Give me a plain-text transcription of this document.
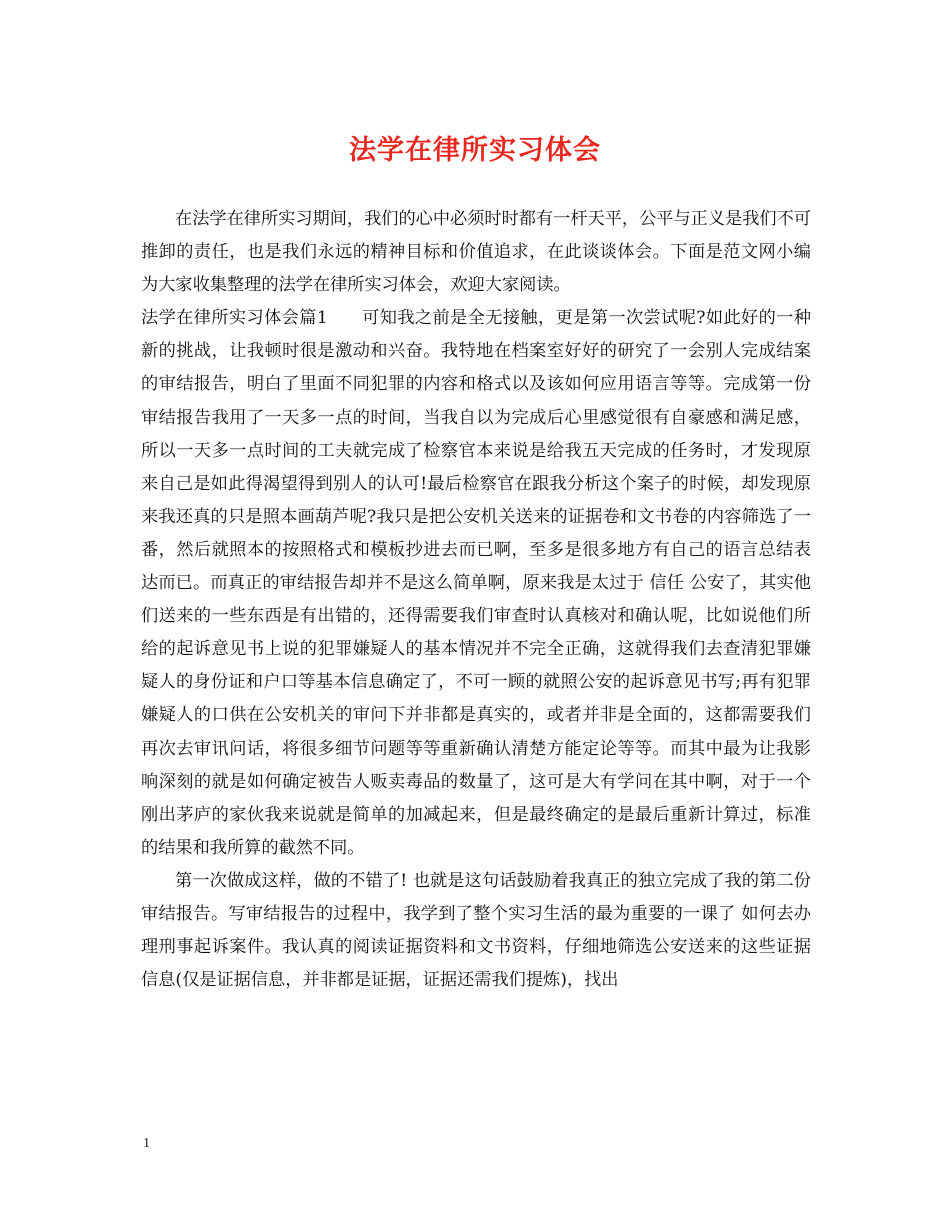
法学在律所实习体会

在法学在律所实习期间，我们的心中必须时时都有一杆天平，公平与正义是我们不可推卸的责任，也是我们永远的精神目标和价值追求，在此谈谈体会。下面是范文网小编为大家收集整理的法学在律所实习体会，欢迎大家阅读。

法学在律所实习体会篇1 可知我之前是全无接触，更是第一次尝试呢?如此好的一种新的挑战，让我顿时很是激动和兴奋。我特地在档案室好好的研究了一会别人完成结案的审结报告，明白了里面不同犯罪的内容和格式以及该如何应用语言等等。完成第一份审结报告我用了一天多一点的时间，当我自以为完成后心里感觉很有自豪感和满足感，所以一天多一点时间的工夫就完成了检察官本来说是给我五天完成的任务时，才发现原来自己是如此得渴望得到别人的认可!最后检察官在跟我分析这个案子的时候，却发现原来我还真的只是照本画葫芦呢?我只是把公安机关送来的证据卷和文书卷的内容筛选了一番，然后就照本的按照格式和模板抄进去而已啊，至多是很多地方有自己的语言总结表达而已。而真正的审结报告却并不是这么简单啊，原来我是太过于 信任 公安了，其实他们送来的一些东西是有出错的，还得需要我们审查时认真核对和确认呢，比如说他们所给的起诉意见书上说的犯罪嫌疑人的基本情况并不完全正确，这就得我们去查清犯罪嫌疑人的身份证和户口等基本信息确定了，不可一顾的就照公安的起诉意见书写;再有犯罪嫌疑人的口供在公安机关的审问下并非都是真实的，或者并非是全面的，这都需要我们再次去审讯问话，将很多细节问题等等重新确认清楚方能定论等等。而其中最为让我影响深刻的就是如何确定被告人贩卖毒品的数量了，这可是大有学问在其中啊，对于一个刚出茅庐的家伙我来说就是简单的加减起来，但是最终确定的是最后重新计算过，标准的结果和我所算的截然不同。

第一次做成这样，做的不错了! 也就是这句话鼓励着我真正的独立完成了我的第二份审结报告。写审结报告的过程中，我学到了整个实习生活的最为重要的一课了 如何去办理刑事起诉案件。我认真的阅读证据资料和文书资料，仔细地筛选公安送来的这些证据信息(仅是证据信息，并非都是证据，证据还需我们提炼)，找出

1
